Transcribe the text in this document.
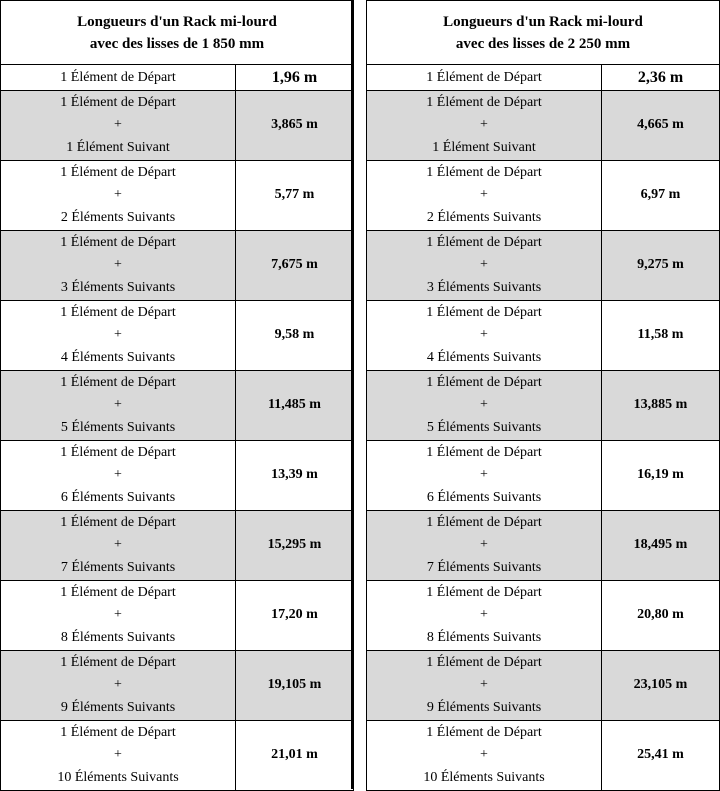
Longueurs d'un Rack mi-lourd
avec des lisses de 1 850 mm	

1 Élément de Départ	1,96 m

1 Élément de Départ
+
1 Élément Suivant	3,865 m

1 Élément de Départ
+
2 Éléments Suivants	5,77 m

1 Élément de Départ
+
3 Éléments Suivants	7,675 m

1 Élément de Départ
+
4 Éléments Suivants	9,58 m

1 Élément de Départ
+
5 Éléments Suivants	11,485 m

1 Élément de Départ
+
6 Éléments Suivants	13,39 m

1 Élément de Départ
+
7 Éléments Suivants	15,295 m

1 Élément de Départ
+
8 Éléments Suivants	17,20 m

1 Élément de Départ
+
9 Éléments Suivants	19,105 m

1 Élément de Départ
+
10 Éléments Suivants	21,01 m
Longueurs d'un Rack mi-lourd
avec des lisses de 2 250 mm	

1 Élément de Départ	2,36 m

1 Élément de Départ
+
1 Élément Suivant	4,665 m

1 Élément de Départ
+
2 Éléments Suivants	6,97 m

1 Élément de Départ
+
3 Éléments Suivants	9,275 m

1 Élément de Départ
+
4 Éléments Suivants	11,58 m

1 Élément de Départ
+
5 Éléments Suivants	13,885 m

1 Élément de Départ
+
6 Éléments Suivants	16,19 m

1 Élément de Départ
+
7 Éléments Suivants	18,495 m

1 Élément de Départ
+
8 Éléments Suivants	20,80 m

1 Élément de Départ
+
9 Éléments Suivants	23,105 m

1 Élément de Départ
+
10 Éléments Suivants	25,41 m
